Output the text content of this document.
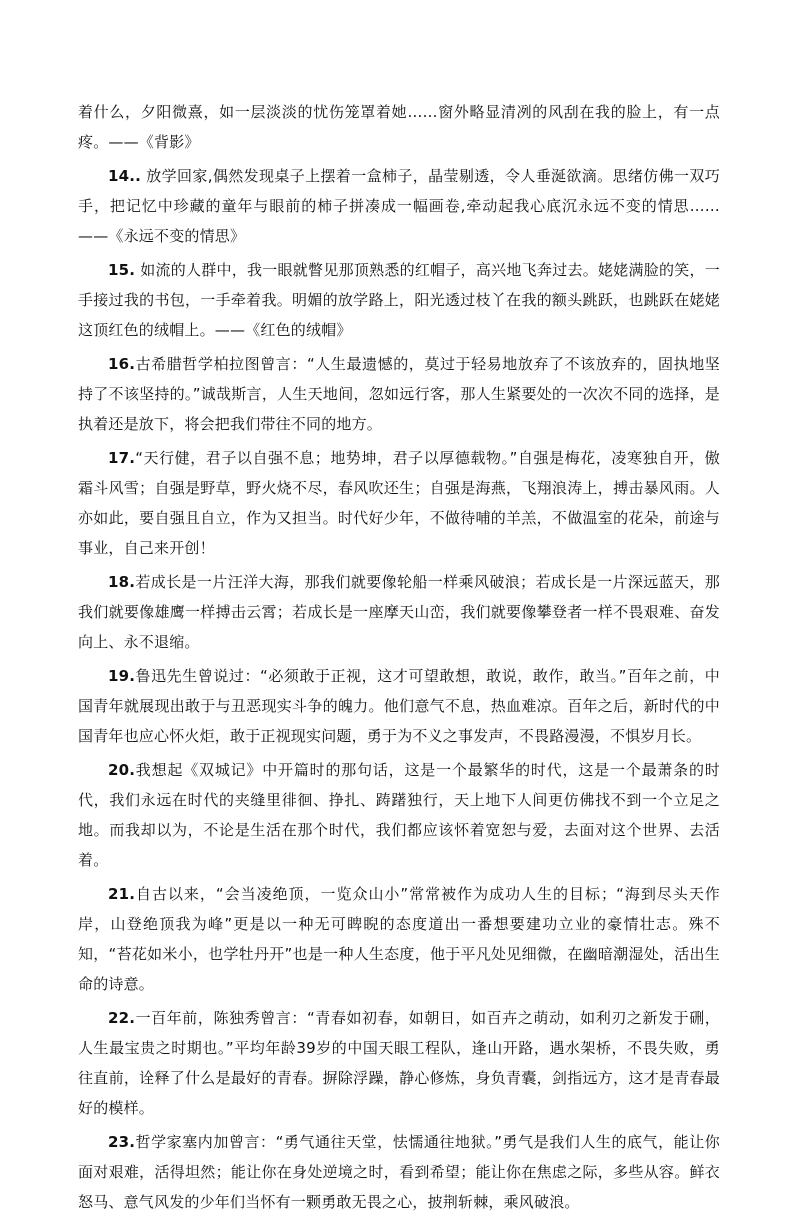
着什么，夕阳微熹，如一层淡淡的忧伤笼罩着她……窗外略显清冽的风刮在我的脸上，有一点疼。——《背影》

14.. 放学回家,偶然发现桌子上摆着一盒柿子，晶莹剔透，令人垂涎欲滴。思绪仿佛一双巧手，把记忆中珍藏的童年与眼前的柿子拼凑成一幅画卷,牵动起我心底沉永远不变的情思……——《永远不变的情思》

15. 如流的人群中，我一眼就瞥见那顶熟悉的红帽子，高兴地飞奔过去。姥姥满脸的笑，一手接过我的书包，一手牵着我。明媚的放学路上，阳光透过枝丫在我的额头跳跃，也跳跃在姥姥这顶红色的绒帽上。——《红色的绒帽》

16.古希腊哲学柏拉图曾言：“人生最遗憾的，莫过于轻易地放弃了不该放弃的，固执地坚持了不该坚持的。”诚哉斯言，人生天地间，忽如远行客，那人生紧要处的一次次不同的选择，是执着还是放下，将会把我们带往不同的地方。

17.“天行健，君子以自强不息；地势坤，君子以厚德载物。”自强是梅花，凌寒独自开，傲霜斗风雪；自强是野草，野火烧不尽，春风吹还生；自强是海燕，飞翔浪涛上，搏击暴风雨。人亦如此，要自强且自立，作为又担当。时代好少年，不做待哺的羊羔，不做温室的花朵，前途与事业，自己来开创！

18.若成长是一片汪洋大海，那我们就要像轮船一样乘风破浪；若成长是一片深远蓝天，那我们就要像雄鹰一样搏击云霄；若成长是一座摩天山峦，我们就要像攀登者一样不畏艰难、奋发向上、永不退缩。

19.鲁迅先生曾说过：“必须敢于正视，这才可望敢想，敢说，敢作，敢当。”百年之前，中国青年就展现出敢于与丑恶现实斗争的魄力。他们意气不息，热血难凉。百年之后，新时代的中国青年也应心怀火炬，敢于正视现实问题，勇于为不义之事发声，不畏路漫漫，不惧岁月长。

20.我想起《双城记》中开篇时的那句话，这是一个最繁华的时代，这是一个最萧条的时代，我们永远在时代的夹缝里徘徊、挣扎、踌躇独行，天上地下人间更仿佛找不到一个立足之地。而我却以为，不论是生活在那个时代，我们都应该怀着宽恕与爱，去面对这个世界、去活着。

21.自古以来，“会当凌绝顶，一览众山小”常常被作为成功人生的目标；“海到尽头天作岸，山登绝顶我为峰”更是以一种无可睥睨的态度道出一番想要建功立业的豪情壮志。殊不知，“苔花如米小，也学牡丹开”也是一种人生态度，他于平凡处见细微，在幽暗潮湿处，活出生命的诗意。

22.一百年前，陈独秀曾言：“青春如初春，如朝日，如百卉之萌动，如利刃之新发于硎，人生最宝贵之时期也。”平均年龄39岁的中国天眼工程队，逢山开路，遇水架桥，不畏失败，勇往直前，诠释了什么是最好的青春。摒除浮躁，静心修炼，身负青囊，剑指远方，这才是青春最好的模样。

23.哲学家塞内加曾言：“勇气通往天堂，怯懦通往地狱。”勇气是我们人生的底气，能让你面对艰难，活得坦然；能让你在身处逆境之时，看到希望；能让你在焦虑之际，多些从容。鲜衣怒马、意气风发的少年们当怀有一颗勇敢无畏之心，披荆斩棘，乘风破浪。
